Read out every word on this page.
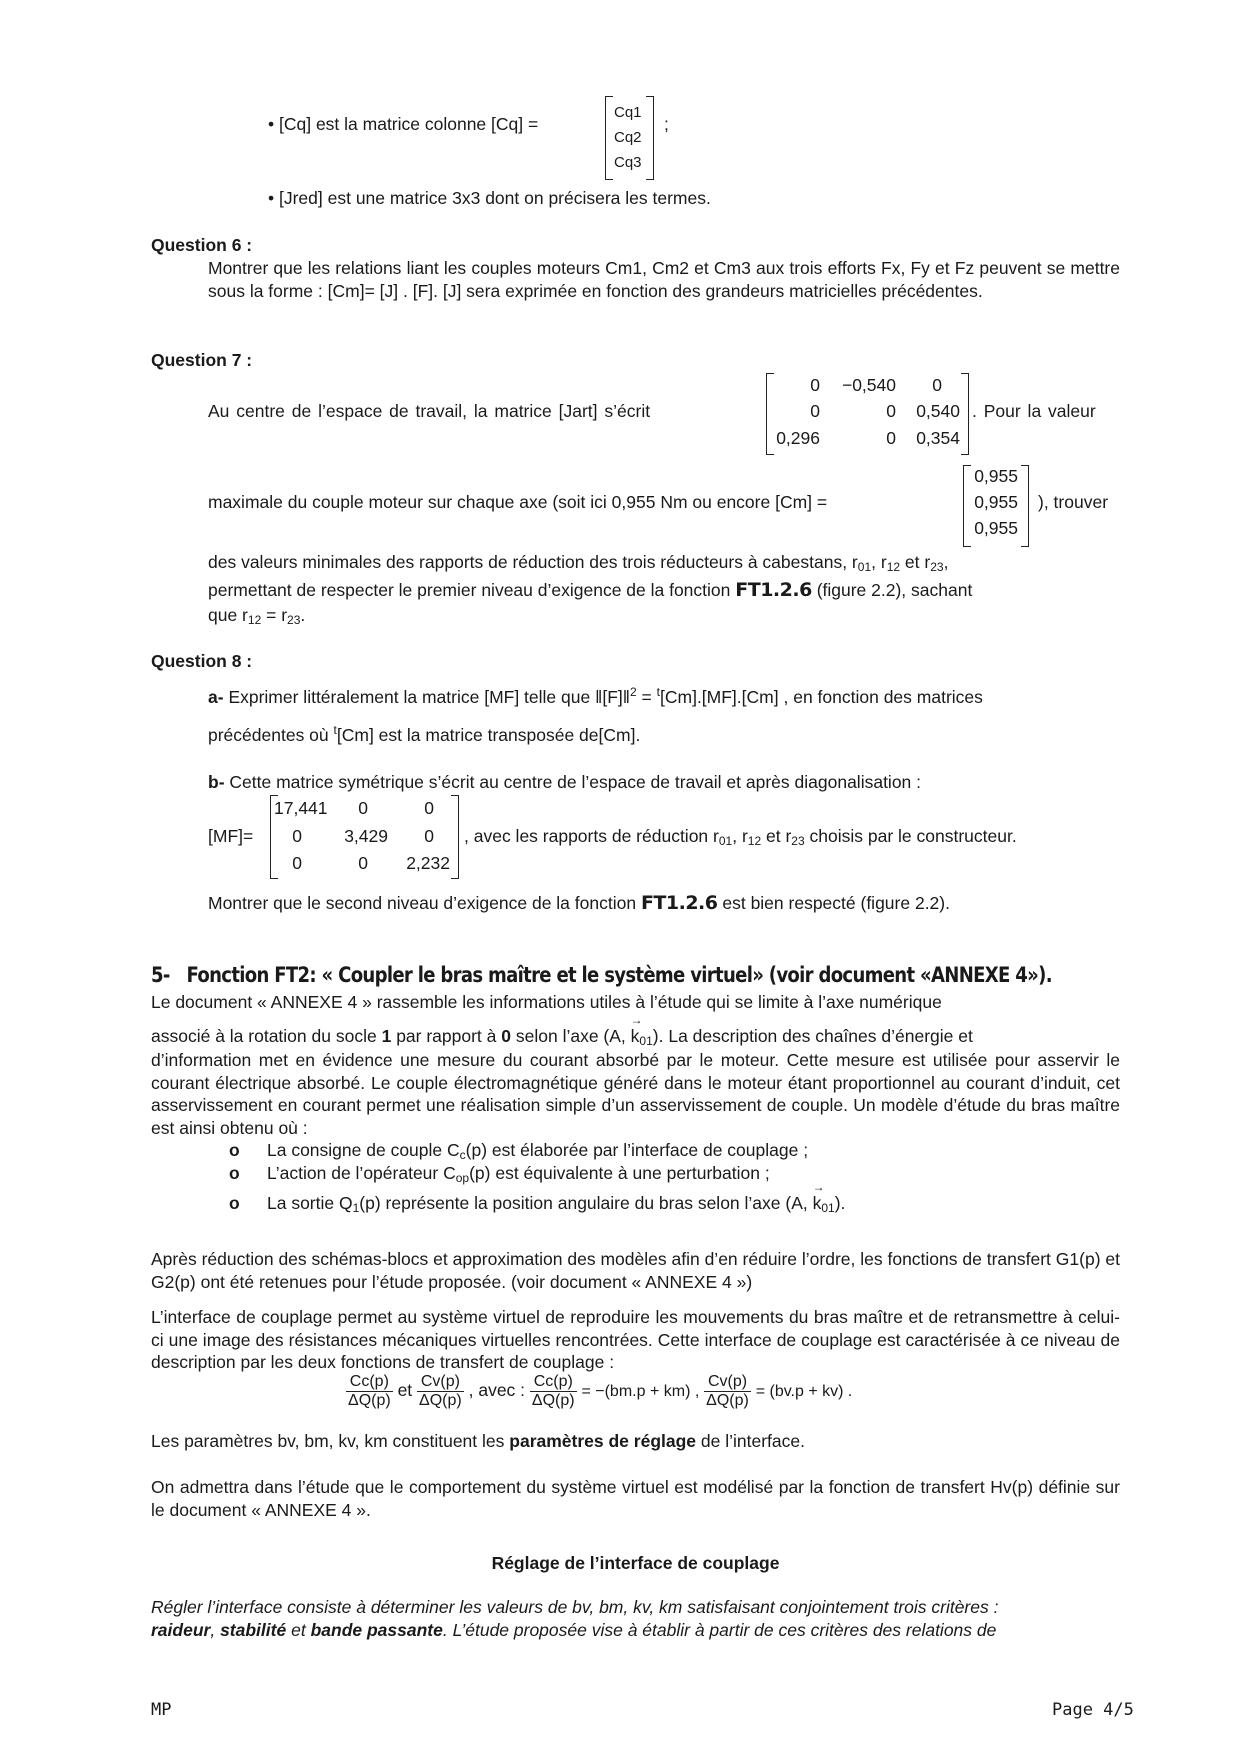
• [Cq] est la matrice colonne [Cq] =
Cq1
Cq2
Cq3
;
• [Jred] est une matrice 3x3 dont on précisera les termes.
Question 6 :
Montrer que les relations liant les couples moteurs Cm1, Cm2 et Cm3 aux trois efforts Fx, Fy et Fz peuvent se mettre sous la forme : [Cm]= [J] . [F]. [J] sera exprimée en fonction des grandeurs matricielles précédentes.
Question 7 :
Au centre de l’espace de travail, la matrice [Jart] s’écrit
0	−0,540	0
0	0	0,540
0,296	0	0,354
. Pour la valeur
maximale du couple moteur sur chaque axe (soit ici 0,955 Nm ou encore [Cm] =
0,955
0,955
0,955
), trouver
des valeurs minimales des rapports de réduction des trois réducteurs à cabestans, $r_{01}$, $r_{12}$ et $r_{23}$,
permettant de respecter le premier niveau d’exigence de la fonction FT1.2.6 (figure 2.2), sachant
que $r_{12} = r_{23}$.
Question 8 :
a- Exprimer littéralement la matrice [MF] telle que ‖[F]‖$^2$ = $^t$[Cm].[MF].[Cm] , en fonction des matrices
précédentes où $^t$[Cm] est la matrice transposée de[Cm].
b- Cette matrice symétrique s’écrit au centre de l’espace de travail et après diagonalisation :
[MF]=
17,441	0	0
0	3,429	0
0	0	2,232
, avec les rapports de réduction $r_{01}$, $r_{12}$ et $r_{23}$ choisis par le constructeur.
Montrer que le second niveau d’exigence de la fonction FT1.2.6 est bien respecté (figure 2.2).
5- Fonction FT2: « Coupler le bras maître et le système virtuel» (voir document «ANNEXE 4»).
Le document « ANNEXE 4 » rassemble les informations utiles à l’étude qui se limite à l’axe numérique
associé à la rotation du socle 1 par rapport à 0 selon l’axe (A, → $k_{01}$). La description des chaînes d’énergie et
d’information met en évidence une mesure du courant absorbé par le moteur. Cette mesure est utilisée pour asservir le courant électrique absorbé. Le couple électromagnétique généré dans le moteur étant proportionnel au courant d’induit, cet asservissement en courant permet une réalisation simple d’un asservissement de couple. Un modèle d’étude du bras maître est ainsi obtenu où :
o La consigne de couple $C_c(p)$ est élaborée par l’interface de couplage ;
o L’action de l’opérateur $C_{op}(p)$ est équivalente à une perturbation ;
o La sortie $Q_1(p)$ représente la position angulaire du bras selon l’axe (A, → $k_{01}$).
Après réduction des schémas-blocs et approximation des modèles afin d’en réduire l’ordre, les fonctions de transfert G1(p) et G2(p) ont été retenues pour l’étude proposée. (voir document « ANNEXE 4 »)
L’interface de couplage permet au système virtuel de reproduire les mouvements du bras maître et de retransmettre à celui-ci une image des résistances mécaniques virtuelles rencontrées. Cette interface de couplage est caractérisée à ce niveau de description par les deux fonctions de transfert de couplage :
$\frac{Cc(p)}{\Delta Q(p)}$ et $\frac{Cv(p)}{\Delta Q(p)}$ , avec : $\frac{Cc(p)}{\Delta Q(p)} = -(bm.p + km)$ , $\frac{Cv(p)}{\Delta Q(p)} = (bv.p + kv)$ .
Les paramètres bv, bm, kv, km constituent les paramètres de réglage de l’interface.
On admettra dans l’étude que le comportement du système virtuel est modélisé par la fonction de transfert Hv(p) définie sur le document « ANNEXE 4 ».
Réglage de l’interface de couplage
Régler l’interface consiste à déterminer les valeurs de bv, bm, kv, km satisfaisant conjointement trois critères :
raideur, stabilité et bande passante. L’étude proposée vise à établir à partir de ces critères des relations de
MP	Page 4/5
